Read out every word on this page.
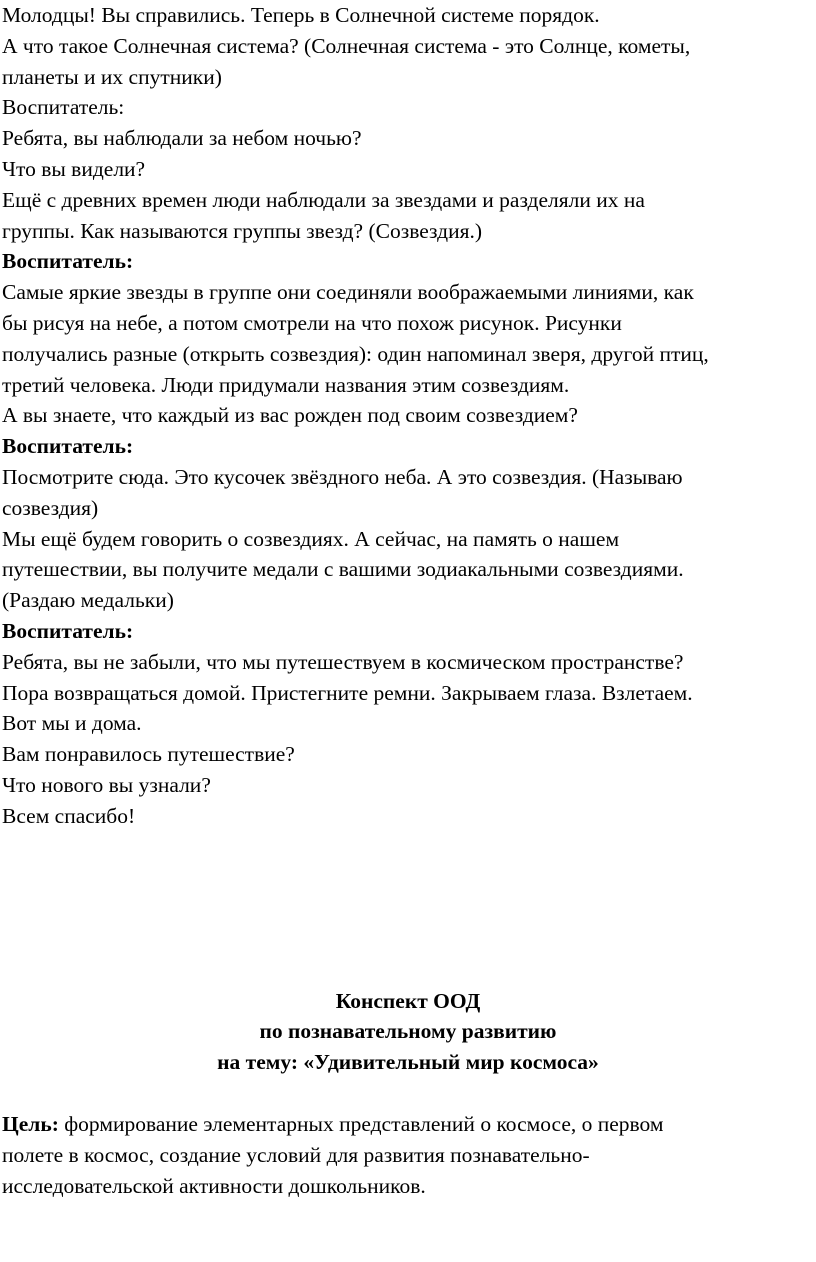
Молодцы! Вы справились. Теперь в Солнечной системе порядок.
А что такое Солнечная система? (Солнечная система - это Солнце, кометы,
планеты и их спутники)
Воспитатель:
Ребята, вы наблюдали за небом ночью?
Что вы видели?
Ещё с древних времен люди наблюдали за звездами и разделяли их на
группы. Как называются группы звезд? (Созвездия.)
Воспитатель:
Самые яркие звезды в группе они соединяли воображаемыми линиями, как
бы рисуя на небе, а потом смотрели на что похож рисунок. Рисунки
получались разные (открыть созвездия): один напоминал зверя, другой птиц,
третий человека. Люди придумали названия этим созвездиям.
А вы знаете, что каждый из вас рожден под своим созвездием?
Воспитатель:
Посмотрите сюда. Это кусочек звёздного неба. А это созвездия. (Называю
созвездия)
Мы ещё будем говорить о созвездиях. А сейчас, на память о нашем
путешествии, вы получите медали с вашими зодиакальными созвездиями.
(Раздаю медальки)
Воспитатель:
Ребята, вы не забыли, что мы путешествуем в космическом пространстве?
Пора возвращаться домой. Пристегните ремни. Закрываем глаза. Взлетаем.
Вот мы и дома.
Вам понравилось путешествие?
Что нового вы узнали?
Всем спасибо!
Конспект ООД
по познавательному развитию
на тему: «Удивительный мир космоса»
Цель: формирование элементарных представлений о космосе, о первом
полете в космос, создание условий для развития познавательно-
исследовательской активности дошкольников.
